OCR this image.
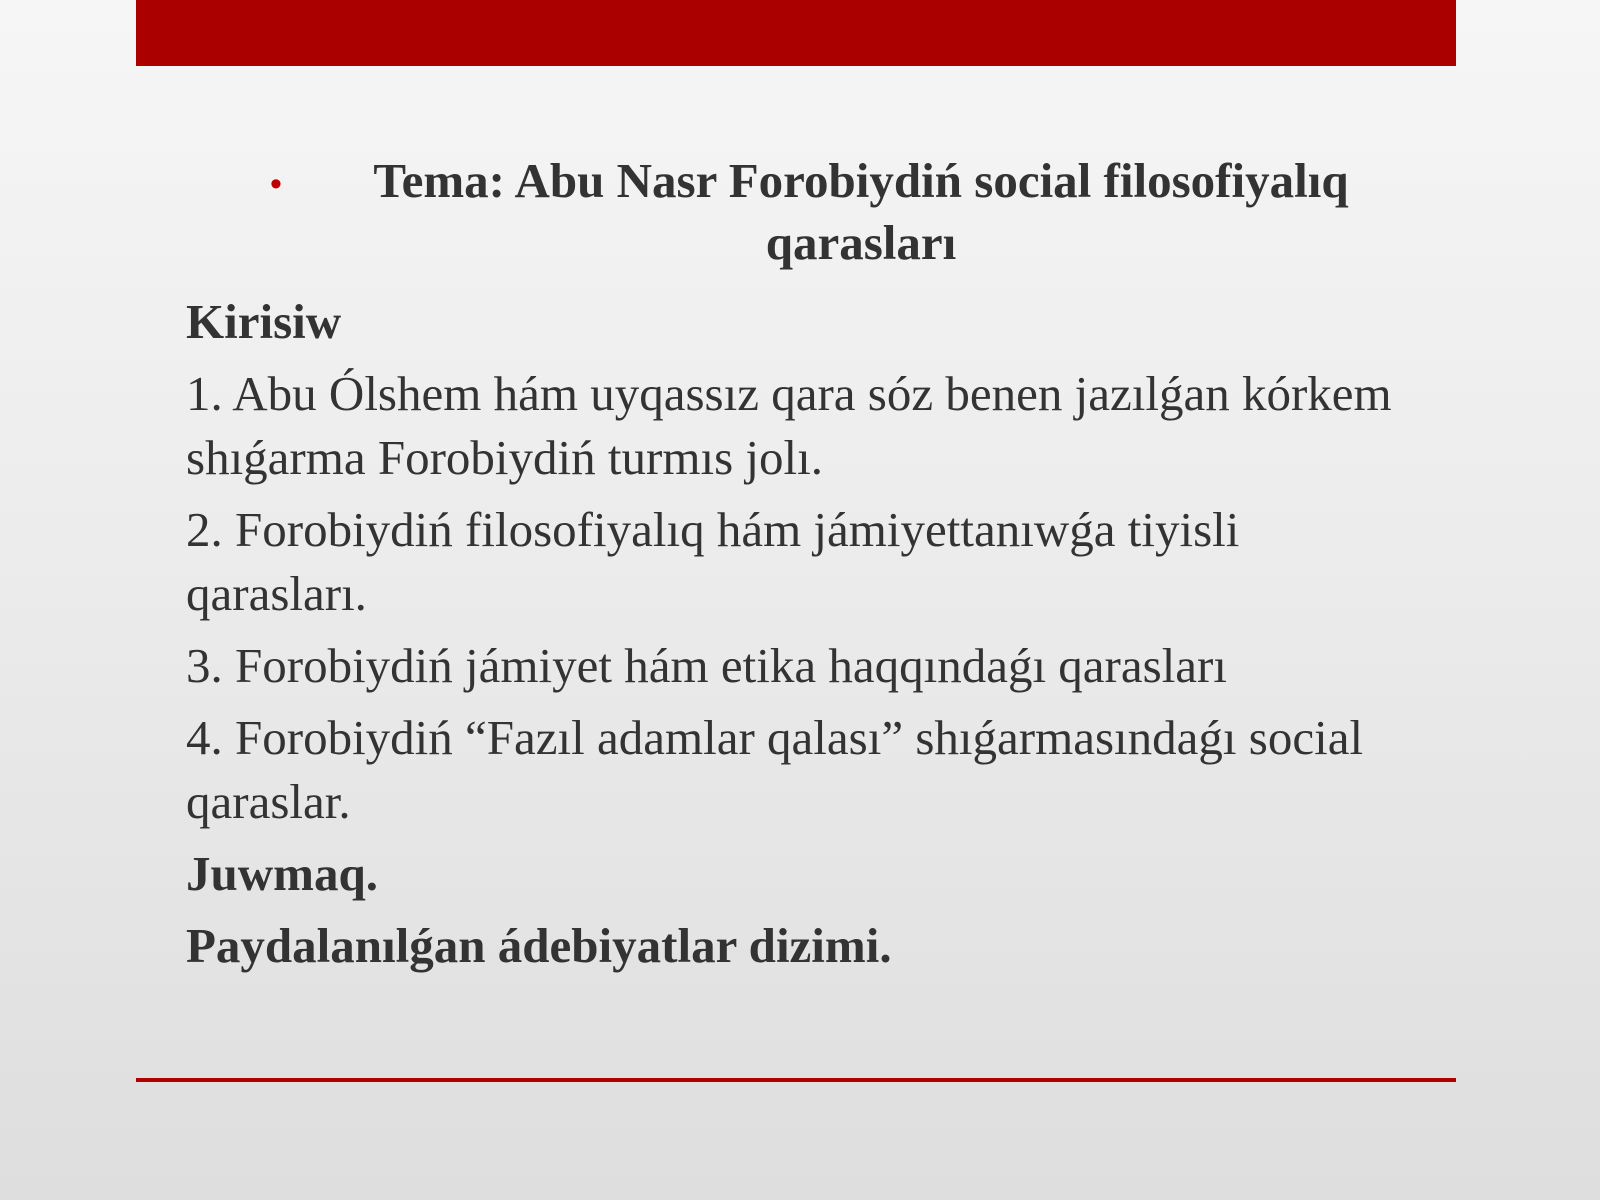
•	Tema: Abu Nasr Forobiydiń social filosofiyalıq qarasları

Kirisiw

1. Abu Ólshem hám uyqassız qara sóz benen jazılǵan kórkem shıǵarma Forobiydiń turmıs jolı.

2. Forobiydiń filosofiyalıq hám jámiyettanıwǵa tiyisli qarasları.

3. Forobiydiń jámiyet hám etika haqqındaǵı qarasları

4. Forobiydiń “Fazıl adamlar qalası” shıǵarmasındaǵı social qaraslar.

Juwmaq.

Paydalanılǵan ádebiyatlar dizimi.
